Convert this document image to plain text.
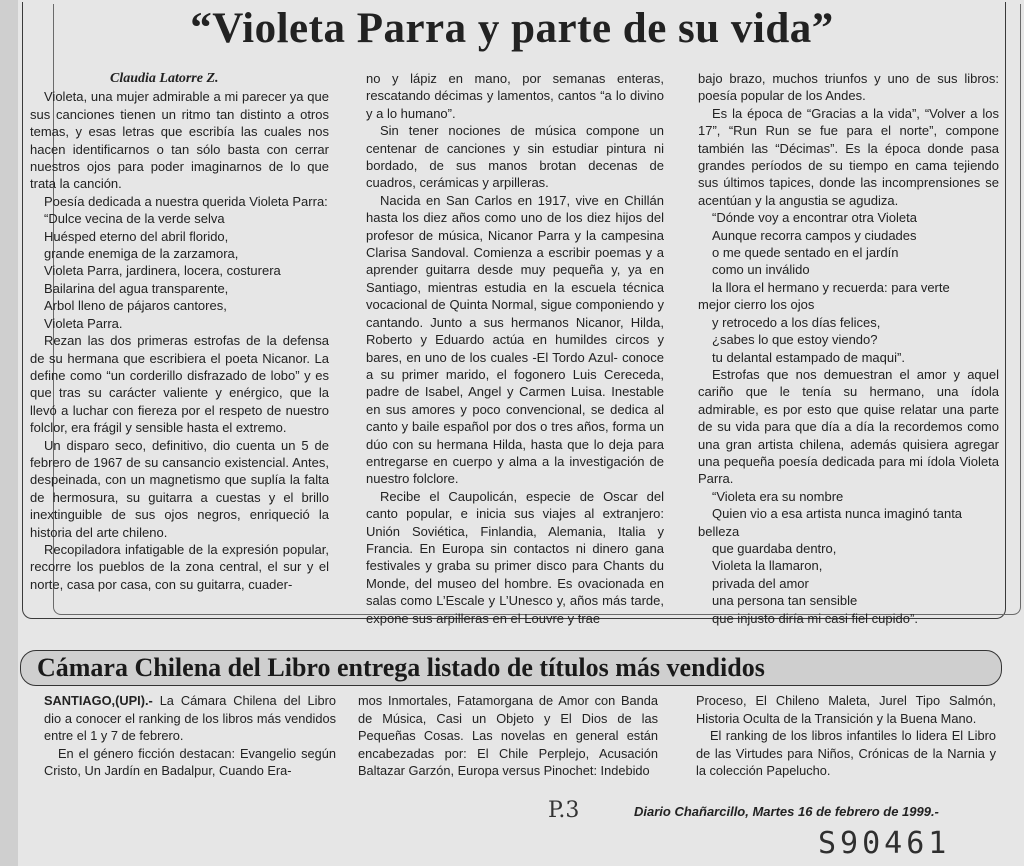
“Violeta Parra y parte de su vida”
Claudia Latorre Z.

Violeta, una mujer admirable a mi parecer ya que sus canciones tienen un ritmo tan distinto a otros temas, y esas letras que escribía las cuales nos hacen identificarnos o tan sólo basta con cerrar nuestros ojos para poder imaginarnos de lo que trata la canción.

Poesía dedicada a nuestra querida Violeta Parra:

“Dulce vecina de la verde selva

Huésped eterno del abril florido,

grande enemiga de la zarzamora,

Violeta Parra, jardinera, locera, costurera

Bailarina del agua transparente,

Arbol lleno de pájaros cantores,

Violeta Parra.

Rezan las dos primeras estrofas de la defensa de su hermana que escribiera el poeta Nicanor. La define como “un corderillo disfrazado de lobo” y es que tras su carácter valiente y enérgico, que la llevó a luchar con fiereza por el respeto de nuestro folclor, era frágil y sensible hasta el extremo.

Un disparo seco, definitivo, dio cuenta un 5 de febrero de 1967 de su cansancio existencial. Antes, despeinada, con un magnetismo que suplía la falta de hermosura, su guitarra a cuestas y el brillo inextinguible de sus ojos negros, enriqueció la historia del arte chileno.

Recopiladora infatigable de la expresión popular, recorre los pueblos de la zona central, el sur y el norte, casa por casa, con su guitarra, cuader-

no y lápiz en mano, por semanas enteras, rescatando décimas y lamentos, cantos “a lo divino y a lo humano”.

Sin tener nociones de música compone un centenar de canciones y sin estudiar pintura ni bordado, de sus manos brotan decenas de cuadros, cerámicas y arpilleras.

Nacida en San Carlos en 1917, vive en Chillán hasta los diez años como uno de los diez hijos del profesor de música, Nicanor Parra y la campesina Clarisa Sandoval. Comienza a escribir poemas y a aprender guitarra desde muy pequeña y, ya en Santiago, mientras estudia en la escuela técnica vocacional de Quinta Normal, sigue componiendo y cantando. Junto a sus hermanos Nicanor, Hilda, Roberto y Eduardo actúa en humildes circos y bares, en uno de los cuales -El Tordo Azul- conoce a su primer marido, el fogonero Luis Cereceda, padre de Isabel, Angel y Carmen Luisa. Inestable en sus amores y poco convencional, se dedica al canto y baile español por dos o tres años, forma un dúo con su hermana Hilda, hasta que lo deja para entregarse en cuerpo y alma a la investigación de nuestro folclore.

Recibe el Caupolicán, especie de Oscar del canto popular, e inicia sus viajes al extranjero: Unión Soviética, Finlandia, Alemania, Italia y Francia. En Europa sin contactos ni dinero gana festivales y graba su primer disco para Chants du Monde, del museo del hombre. Es ovacionada en salas como L’Escale y L’Unesco y, años más tarde, expone sus arpilleras en el Louvre y trae

bajo brazo, muchos triunfos y uno de sus libros: poesía popular de los Andes.

Es la época de “Gracias a la vida”, “Volver a los 17”, “Run Run se fue para el norte”, compone también las “Décimas”. Es la época donde pasa grandes períodos de su tiempo en cama tejiendo sus últimos tapices, donde las incomprensiones se acentúan y la angustia se agudiza.

“Dónde voy a encontrar otra Violeta

Aunque recorra campos y ciudades

o me quede sentado en el jardín

como un inválido

la llora el hermano y recuerda: para verte

mejor cierro los ojos

y retrocedo a los días felices,

¿sabes lo que estoy viendo?

tu delantal estampado de maqui”.

Estrofas que nos demuestran el amor y aquel cariño que le tenía su hermano, una ídola admirable, es por esto que quise relatar una parte de su vida para que día a día la recordemos como una gran artista chilena, además quisiera agregar una pequeña poesía dedicada para mi ídola Violeta Parra.

“Violeta era su nombre

Quien vio a esa artista nunca imaginó tanta

belleza

que guardaba dentro,

Violeta la llamaron,

privada del amor

una persona tan sensible

que injusto diría mi casi fiel cupido”.

Cámara Chilena del Libro entrega listado de títulos más vendidos

SANTIAGO,(UPI).- La Cámara Chilena del Libro dio a conocer el ranking de los libros más vendidos entre el 1 y 7 de febrero.

En el género ficción destacan: Evangelio según Cristo, Un Jardín en Badalpur, Cuando Era-

mos Inmortales, Fatamorgana de Amor con Banda de Música, Casi un Objeto y El Dios de las Pequeñas Cosas. Las novelas en general están encabezadas por: El Chile Perplejo, Acusación Baltazar Garzón, Europa versus Pinochet: Indebido

Proceso, El Chileno Maleta, Jurel Tipo Salmón, Historia Oculta de la Transición y la Buena Mano.

El ranking de los libros infantiles lo lidera El Libro de las Virtudes para Niños, Crónicas de la Narnia y la colección Papelucho.

P.3	Diario Chañarcillo, Martes 16 de febrero de 1999.-
S90461
